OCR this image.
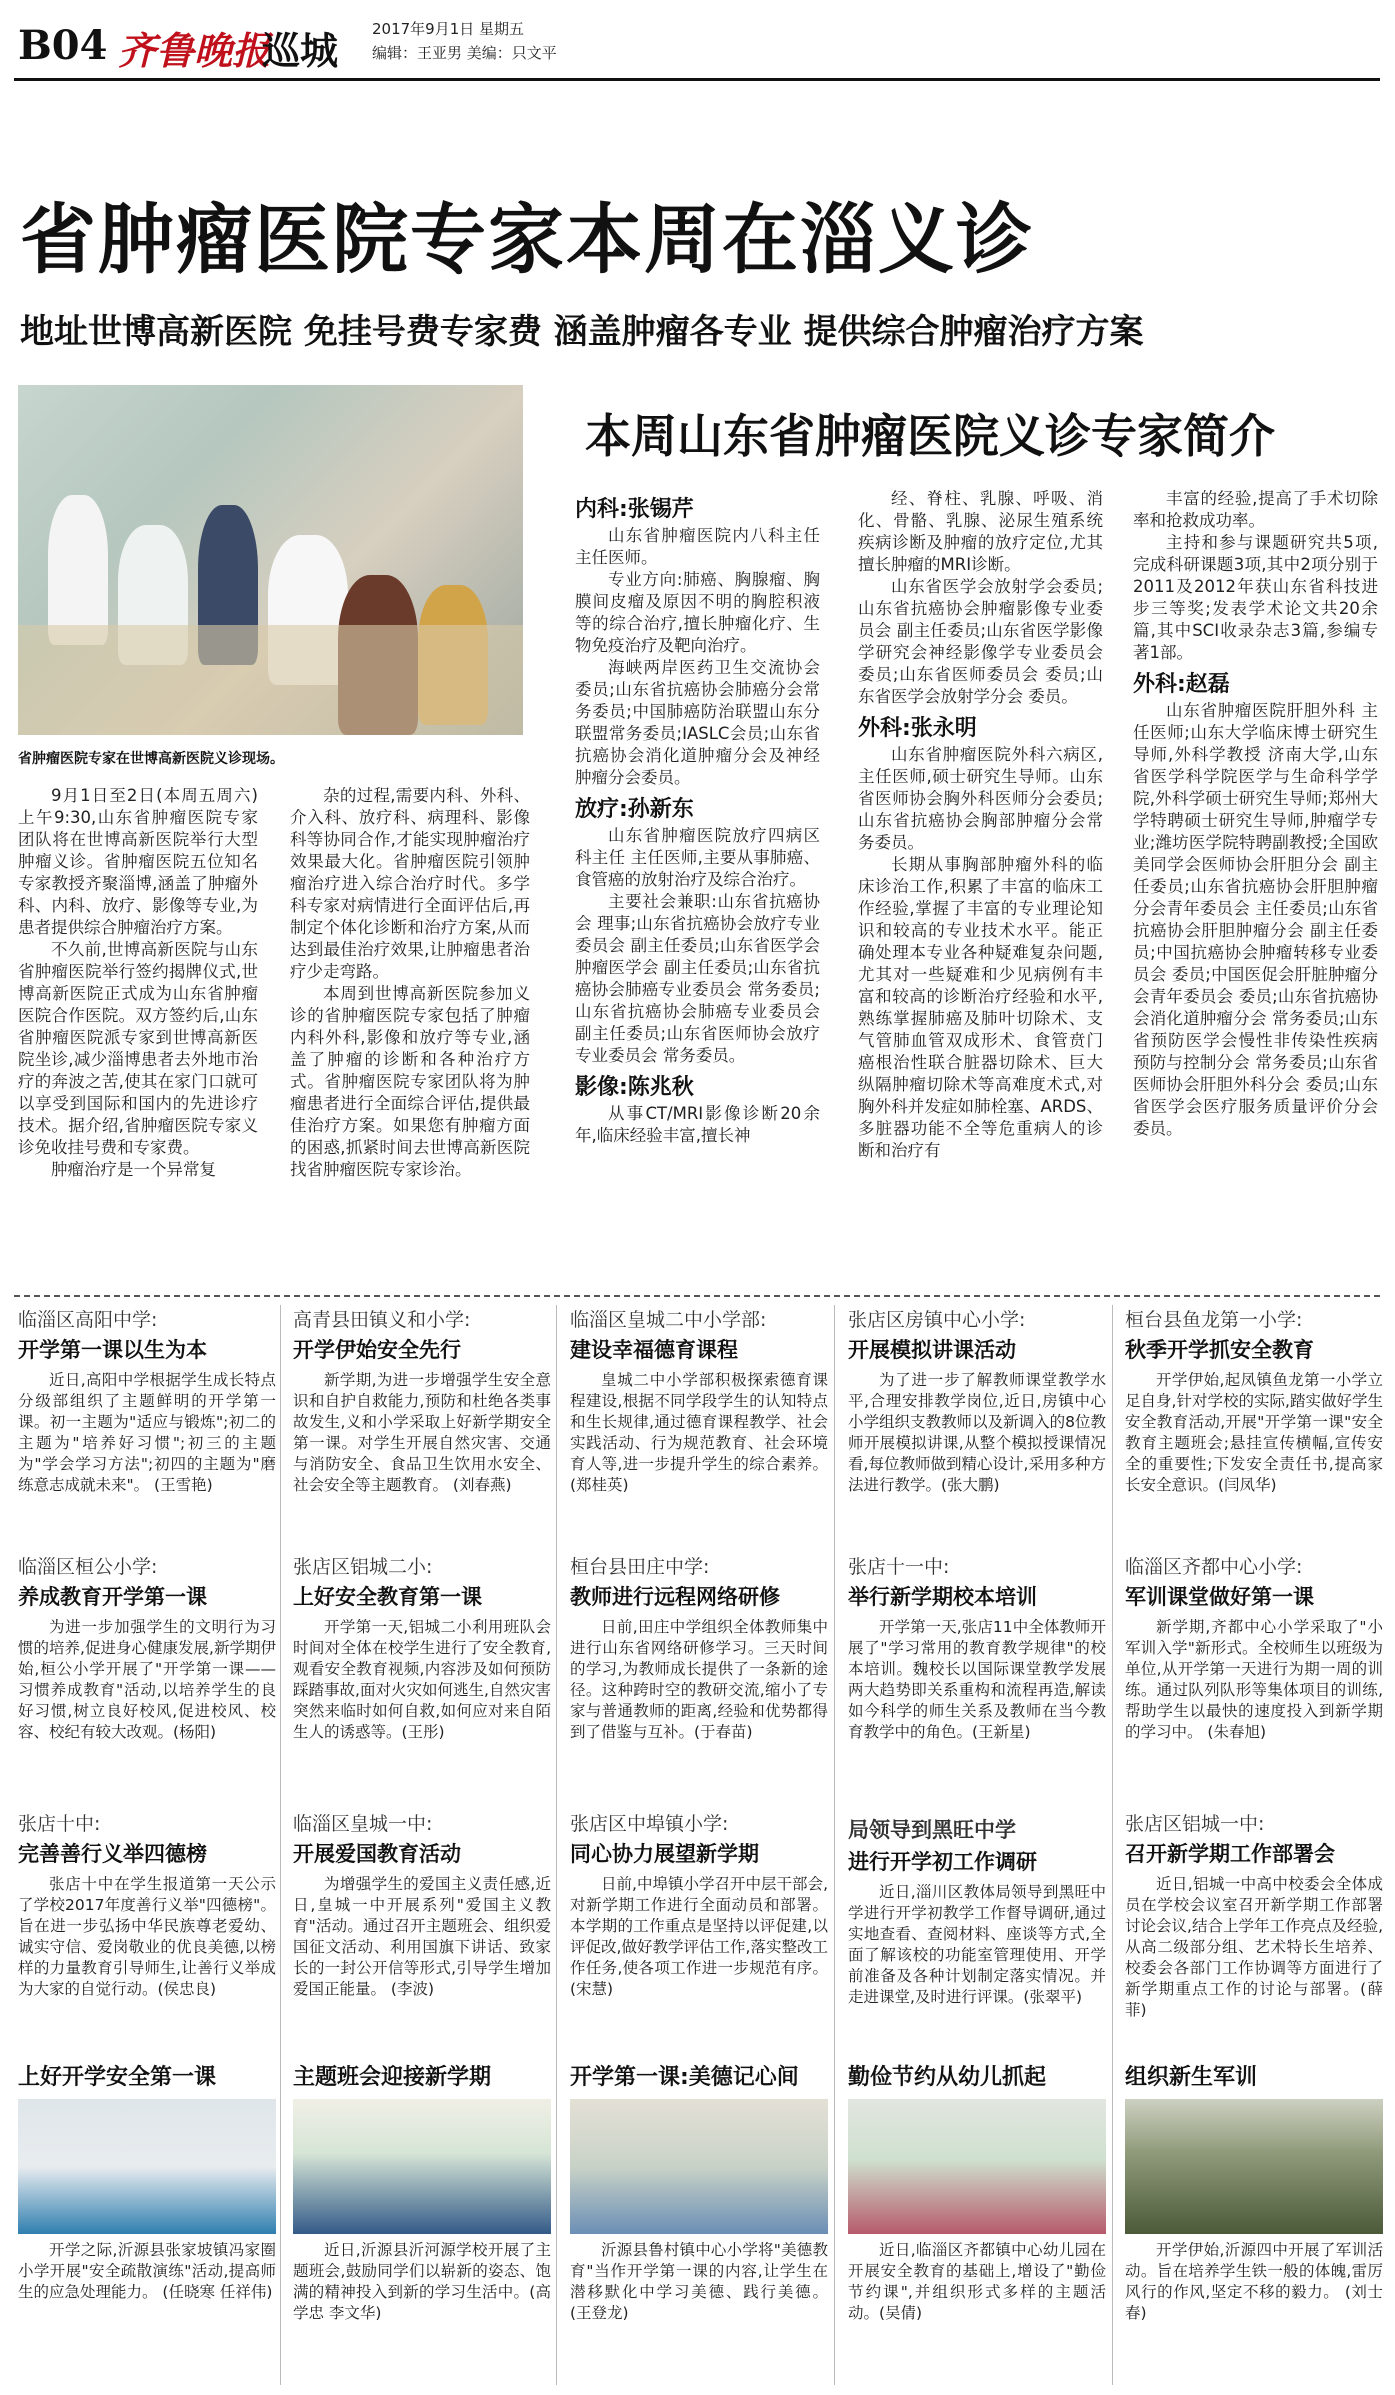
B04 齐鲁晚报
巡城 2017年9月1日 星期五
编辑：王亚男 美编：只文平
省肿瘤医院专家本周在淄义诊
地址世博高新医院 免挂号费专家费 涵盖肿瘤各专业 提供综合肿瘤治疗方案
省肿瘤医院专家在世博高新医院义诊现场。

9月1日至2日(本周五周六)上午9:30,山东省肿瘤医院专家团队将在世博高新医院举行大型肿瘤义诊。省肿瘤医院五位知名专家教授齐聚淄博,涵盖了肿瘤外科、内科、放疗、影像等专业,为患者提供综合肿瘤治疗方案。

不久前,世博高新医院与山东省肿瘤医院举行签约揭牌仪式,世博高新医院正式成为山东省肿瘤医院合作医院。双方签约后,山东省肿瘤医院派专家到世博高新医院坐诊,减少淄博患者去外地市治疗的奔波之苦,使其在家门口就可以享受到国际和国内的先进诊疗技术。据介绍,省肿瘤医院专家义诊免收挂号费和专家费。

肿瘤治疗是一个异常复

杂的过程,需要内科、外科、介入科、放疗科、病理科、影像科等协同合作,才能实现肿瘤治疗效果最大化。省肿瘤医院引领肿瘤治疗进入综合治疗时代。多学科专家对病情进行全面评估后,再制定个体化诊断和治疗方案,从而达到最佳治疗效果,让肿瘤患者治疗少走弯路。

本周到世博高新医院参加义诊的省肿瘤医院专家包括了肿瘤内科外科,影像和放疗等专业,涵盖了肿瘤的诊断和各种治疗方式。省肿瘤医院专家团队将为肿瘤患者进行全面综合评估,提供最佳治疗方案。如果您有肿瘤方面的困惑,抓紧时间去世博高新医院找省肿瘤医院专家诊治。

本周山东省肿瘤医院义诊专家简介
内科:张锡芹

山东省肿瘤医院内八科主任 主任医师。

专业方向:肺癌、胸腺瘤、胸膜间皮瘤及原因不明的胸腔积液等的综合治疗,擅长肿瘤化疗、生物免疫治疗及靶向治疗。

海峡两岸医药卫生交流协会委员;山东省抗癌协会肺癌分会常务委员;中国肺癌防治联盟山东分联盟常务委员;IASLC会员;山东省抗癌协会消化道肿瘤分会及神经肿瘤分会委员。

放疗:孙新东

山东省肿瘤医院放疗四病区 科主任 主任医师,主要从事肺癌、食管癌的放射治疗及综合治疗。

主要社会兼职:山东省抗癌协会 理事;山东省抗癌协会放疗专业委员会 副主任委员;山东省医学会肿瘤医学会 副主任委员;山东省抗癌协会肺癌专业委员会 常务委员;山东省抗癌协会肺癌专业委员会副主任委员;山东省医师协会放疗专业委员会 常务委员。

影像:陈兆秋

从事CT/MRI影像诊断20余年,临床经验丰富,擅长神

经、脊柱、乳腺、呼吸、消化、骨骼、乳腺、泌尿生殖系统疾病诊断及肿瘤的放疗定位,尤其擅长肿瘤的MRI诊断。

山东省医学会放射学会委员;山东省抗癌协会肿瘤影像专业委员会 副主任委员;山东省医学影像学研究会神经影像学专业委员会 委员;山东省医师委员会 委员;山东省医学会放射学分会 委员。

外科:张永明

山东省肿瘤医院外科六病区,主任医师,硕士研究生导师。山东省医师协会胸外科医师分会委员;山东省抗癌协会胸部肿瘤分会常务委员。

长期从事胸部肿瘤外科的临床诊治工作,积累了丰富的临床工作经验,掌握了丰富的专业理论知识和较高的专业技术水平。能正确处理本专业各种疑难复杂问题,尤其对一些疑难和少见病例有丰富和较高的诊断治疗经验和水平,熟练掌握肺癌及肺叶切除术、支气管肺血管双成形术、食管贲门癌根治性联合脏器切除术、巨大纵隔肿瘤切除术等高难度术式,对胸外科并发症如肺栓塞、ARDS、多脏器功能不全等危重病人的诊断和治疗有

丰富的经验,提高了手术切除率和抢救成功率。

主持和参与课题研究共5项,完成科研课题3项,其中2项分别于2011及2012年获山东省科技进步三等奖;发表学术论文共20余篇,其中SCI收录杂志3篇,参编专著1部。

外科:赵磊

山东省肿瘤医院肝胆外科 主任医师;山东大学临床博士研究生导师,外科学教授 济南大学,山东省医学科学院医学与生命科学学院,外科学硕士研究生导师;郑州大学特聘硕士研究生导师,肿瘤学专业;潍坊医学院特聘副教授;全国欧美同学会医师协会肝胆分会 副主任委员;山东省抗癌协会肝胆肿瘤分会青年委员会 主任委员;山东省抗癌协会肝胆肿瘤分会 副主任委员;中国抗癌协会肿瘤转移专业委员会 委员;中国医促会肝脏肿瘤分会青年委员会 委员;山东省抗癌协会消化道肿瘤分会 常务委员;山东省预防医学会慢性非传染性疾病预防与控制分会 常务委员;山东省医师协会肝胆外科分会 委员;山东省医学会医疗服务质量评价分会 委员。

临淄区高阳中学:
开学第一课以生为本

近日,高阳中学根据学生成长特点分级部组织了主题鲜明的开学第一课。初一主题为"适应与锻炼";初二的主题为"培养好习惯";初三的主题为"学会学习方法";初四的主题为"磨练意志成就未来"。 (王雪艳)

高青县田镇义和小学:
开学伊始安全先行

新学期,为进一步增强学生安全意识和自护自救能力,预防和杜绝各类事故发生,义和小学采取上好新学期安全第一课。对学生开展自然灾害、交通与消防安全、食品卫生饮用水安全、社会安全等主题教育。 (刘春燕)

临淄区皇城二中小学部:
建设幸福德育课程

皇城二中小学部积极探索德育课程建设,根据不同学段学生的认知特点和生长规律,通过德育课程教学、社会实践活动、行为规范教育、社会环境育人等,进一步提升学生的综合素养。 (郑桂英)

张店区房镇中心小学:
开展模拟讲课活动

为了进一步了解教师课堂教学水平,合理安排教学岗位,近日,房镇中心小学组织支教教师以及新调入的8位教师开展模拟讲课,从整个模拟授课情况看,每位教师做到精心设计,采用多种方法进行教学。(张大鹏)

桓台县鱼龙第一小学:
秋季开学抓安全教育

开学伊始,起凤镇鱼龙第一小学立足自身,针对学校的实际,踏实做好学生安全教育活动,开展"开学第一课"安全教育主题班会;悬挂宣传横幅,宣传安全的重要性;下发安全责任书,提高家长安全意识。(闫凤华)

临淄区桓公小学:
养成教育开学第一课

为进一步加强学生的文明行为习惯的培养,促进身心健康发展,新学期伊始,桓公小学开展了"开学第一课——习惯养成教育"活动,以培养学生的良好习惯,树立良好校风,促进校风、校容、校纪有较大改观。(杨阳)

张店区铝城二小:
上好安全教育第一课

开学第一天,铝城二小利用班队会时间对全体在校学生进行了安全教育,观看安全教育视频,内容涉及如何预防踩踏事故,面对火灾如何逃生,自然灾害突然来临时如何自救,如何应对来自陌生人的诱惑等。(王彤)

桓台县田庄中学:
教师进行远程网络研修

日前,田庄中学组织全体教师集中进行山东省网络研修学习。三天时间的学习,为教师成长提供了一条新的途径。这种跨时空的教研交流,缩小了专家与普通教师的距离,经验和优势都得到了借鉴与互补。(于春苗)

张店十一中:
举行新学期校本培训

开学第一天,张店11中全体教师开展了"学习常用的教育教学规律"的校本培训。魏校长以国际课堂教学发展两大趋势即关系重构和流程再造,解读如今科学的师生关系及教师在当今教育教学中的角色。(王新星)

临淄区齐都中心小学:
军训课堂做好第一课

新学期,齐都中心小学采取了"小军训入学"新形式。全校师生以班级为单位,从开学第一天进行为期一周的训练。通过队列队形等集体项目的训练,帮助学生以最快的速度投入到新学期的学习中。 (朱春旭)

张店十中:
完善善行义举四德榜

张店十中在学生报道第一天公示了学校2017年度善行义举"四德榜"。旨在进一步弘扬中华民族尊老爱幼、诚实守信、爱岗敬业的优良美德,以榜样的力量教育引导师生,让善行义举成为大家的自觉行动。(侯忠良)

临淄区皇城一中:
开展爱国教育活动

为增强学生的爱国主义责任感,近日,皇城一中开展系列"爱国主义教育"活动。通过召开主题班会、组织爱国征文活动、利用国旗下讲话、致家长的一封公开信等形式,引导学生增加爱国正能量。 (李波)

张店区中埠镇小学:
同心协力展望新学期

日前,中埠镇小学召开中层干部会,对新学期工作进行全面动员和部署。本学期的工作重点是坚持以评促建,以评促改,做好教学评估工作,落实整改工作任务,使各项工作进一步规范有序。 (宋慧)

局领导到黑旺中学
进行开学初工作调研

近日,淄川区教体局领导到黑旺中学进行开学初教学工作督导调研,通过实地查看、查阅材料、座谈等方式,全面了解该校的功能室管理使用、开学前准备及各种计划制定落实情况。并走进课堂,及时进行评课。(张翠平)

张店区铝城一中:
召开新学期工作部署会

近日,铝城一中高中校委会全体成员在学校会议室召开新学期工作部署讨论会议,结合上学年工作亮点及经验,从高二级部分组、艺术特长生培养、校委会各部门工作协调等方面进行了新学期重点工作的讨论与部署。(薛菲)

上好开学安全第一课

开学之际,沂源县张家坡镇冯家圈小学开展"安全疏散演练"活动,提高师生的应急处理能力。 (任晓寒 任祥伟)

主题班会迎接新学期

近日,沂源县沂河源学校开展了主题班会,鼓励同学们以崭新的姿态、饱满的精神投入到新的学习生活中。(高学忠 李文华)

开学第一课:美德记心间

沂源县鲁村镇中心小学将"美德教育"当作开学第一课的内容,让学生在潜移默化中学习美德、践行美德。 (王登龙)

勤俭节约从幼儿抓起

近日,临淄区齐都镇中心幼儿园在开展安全教育的基础上,增设了"勤俭节约课",并组织形式多样的主题活动。(吴倩)

组织新生军训

开学伊始,沂源四中开展了军训活动。旨在培养学生铁一般的体魄,雷厉风行的作风,坚定不移的毅力。 (刘士春)
